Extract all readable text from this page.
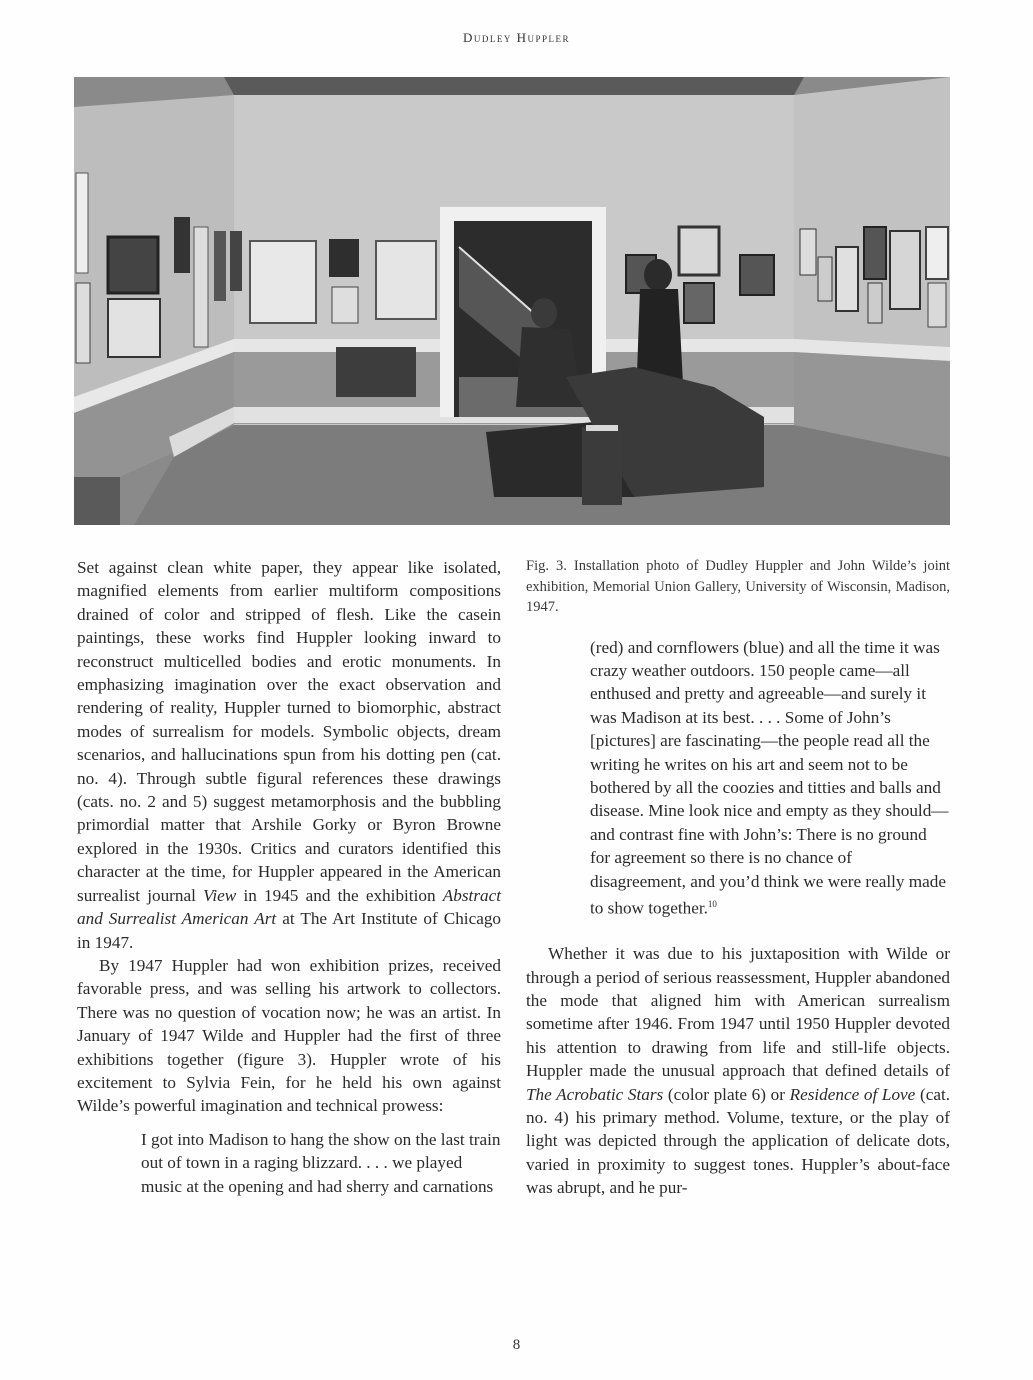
Dudley Huppler

Set against clean white paper, they appear like isolated, magnified elements from earlier multiform compositions drained of color and stripped of flesh. Like the casein paintings, these works find Huppler looking inward to reconstruct multicelled bodies and erotic monuments. In emphasizing imagination over the exact observation and rendering of reality, Huppler turned to biomorphic, abstract modes of surrealism for models. Symbolic objects, dream scenarios, and hallucinations spun from his dotting pen (cat. no. 4). Through subtle figural references these drawings (cats. no. 2 and 5) suggest metamorphosis and the bubbling primordial matter that Arshile Gorky or Byron Browne explored in the 1930s. Critics and curators identified this character at the time, for Huppler appeared in the American surrealist journal View in 1945 and the exhibition Abstract and Surrealist American Art at The Art Institute of Chicago in 1947.

By 1947 Huppler had won exhibition prizes, received favorable press, and was selling his artwork to collectors. There was no question of vocation now; he was an artist. In January of 1947 Wilde and Huppler had the first of three exhibitions together (figure 3). Huppler wrote of his excitement to Sylvia Fein, for he held his own against Wilde’s powerful imagination and technical prowess:

I got into Madison to hang the show on the last train out of town in a raging blizzard. . . . we played music at the opening and had sherry and carnations

Fig. 3. Installation photo of Dudley Huppler and John Wilde’s joint exhibition, Memorial Union Gallery, University of Wisconsin, Madison, 1947.

(red) and cornflowers (blue) and all the time it was crazy weather outdoors. 150 people came—all enthused and pretty and agreeable—and surely it was Madison at its best. . . . Some of John’s [pictures] are fascinating—the people read all the writing he writes on his art and seem not to be bothered by all the coozies and titties and balls and disease. Mine look nice and empty as they should—and contrast fine with John’s: There is no ground for agreement so there is no chance of disagreement, and you’d think we were really made to show together.$^{10}$

Whether it was due to his juxtaposition with Wilde or through a period of serious reassessment, Huppler abandoned the mode that aligned him with American surrealism sometime after 1946. From 1947 until 1950 Huppler devoted his attention to drawing from life and still-life objects. Huppler made the unusual approach that defined details of The Acrobatic Stars (color plate 6) or Residence of Love (cat. no. 4) his primary method. Volume, texture, or the play of light was depicted through the application of delicate dots, varied in proximity to suggest tones. Huppler’s about-face was abrupt, and he pur-

8
